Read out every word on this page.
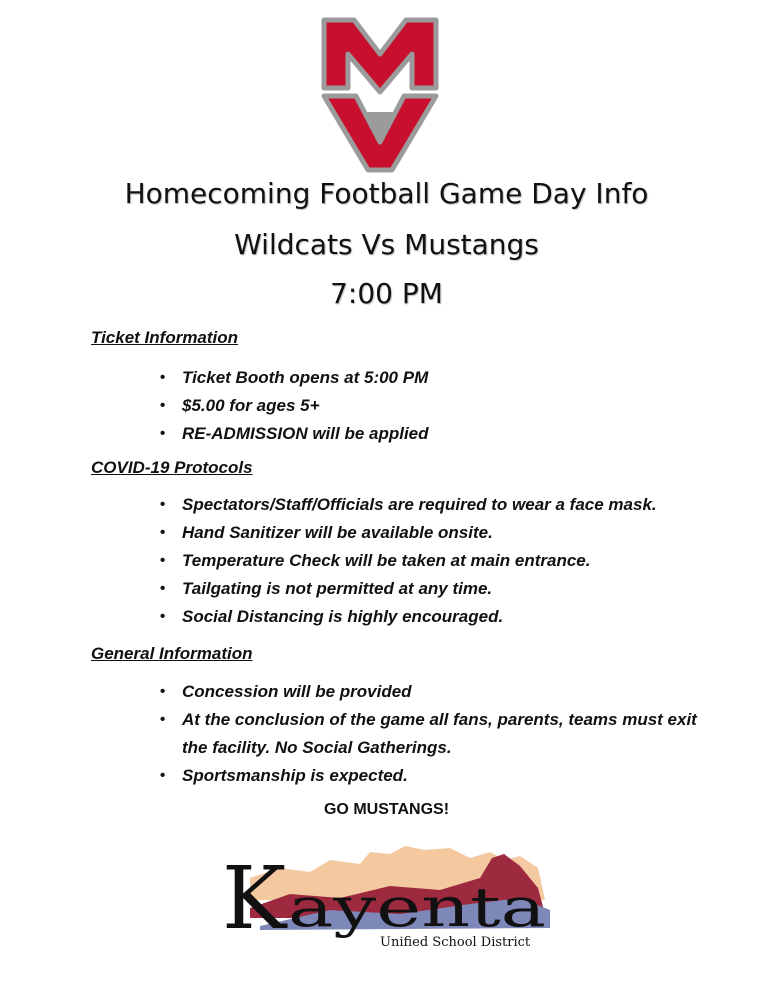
Homecoming Football Game Day Info
Wildcats Vs Mustangs
7:00 PM

Ticket Information

• Ticket Booth opens at 5:00 PM
• $5.00 for ages 5+
• RE-ADMISSION will be applied

COVID-19 Protocols

• Spectators/Staff/Officials are required to wear a face mask.
• Hand Sanitizer will be available onsite.
• Temperature Check will be taken at main entrance.
• Tailgating is not permitted at any time.
• Social Distancing is highly encouraged.

General Information

• Concession will be provided
• At the conclusion of the game all fans, parents, teams must exit the facility. No Social Gatherings.
• Sportsmanship is expected.
GO MUSTANGS!
K ayenta
Unified School District
